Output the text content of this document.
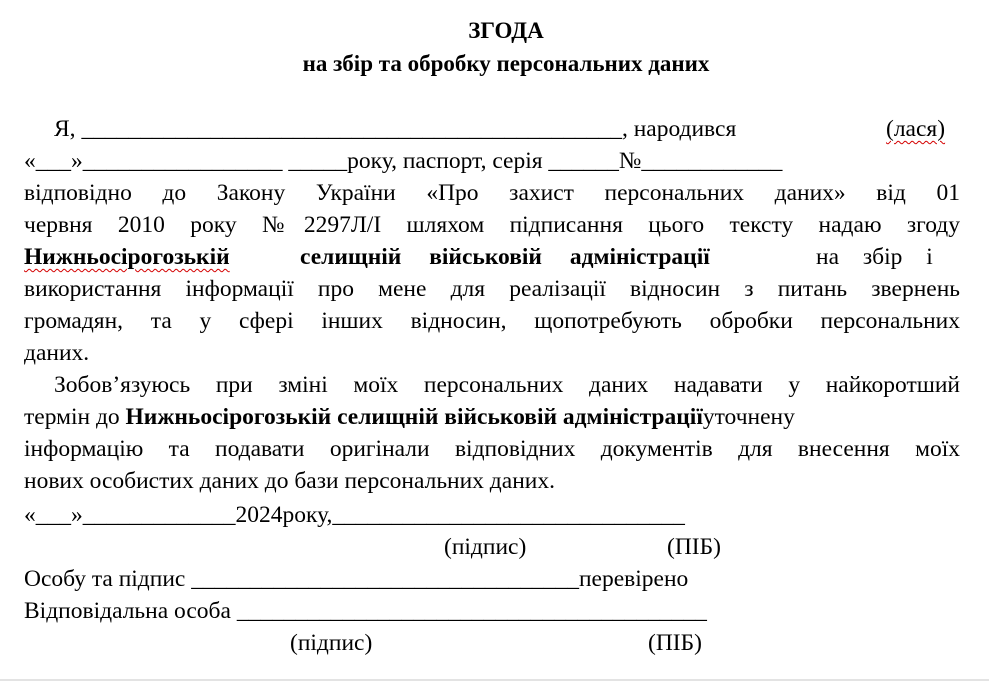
ЗГОДА
на збір та обробку персональних даних
Я, ______________________________________________, народився	(лася)
«___»_________________ _____року, паспорт, серія ______№____________
відповідно до Закону України «Про захист персональних даних» від 01
червня 2010 року №2297Л/І шляхом підписання цього тексту надаю згоду
Нижньосірогозькій	селищній військовій адміністрації	на збір і
використання інформації про мене для реалізації відносин з питань звернень
громадян, та у сфері інших відносин, щопотребують обробки персональних
даних.
Зобов’язуюсь при зміні моїх персональних даних надавати у найкоротший
термін до Нижньосірогозькій селищній військовій адміністраціїуточнену
інформацію та подавати оригінали відповідних документів для внесення моїх
нових особистих даних до бази персональних даних.
«___»_____________2024року,______________________________
(підпис)	(ПІБ)
Особу та підпис _________________________________перевірено
Відповідальна особа ________________________________________
(підпис)	(ПІБ)
